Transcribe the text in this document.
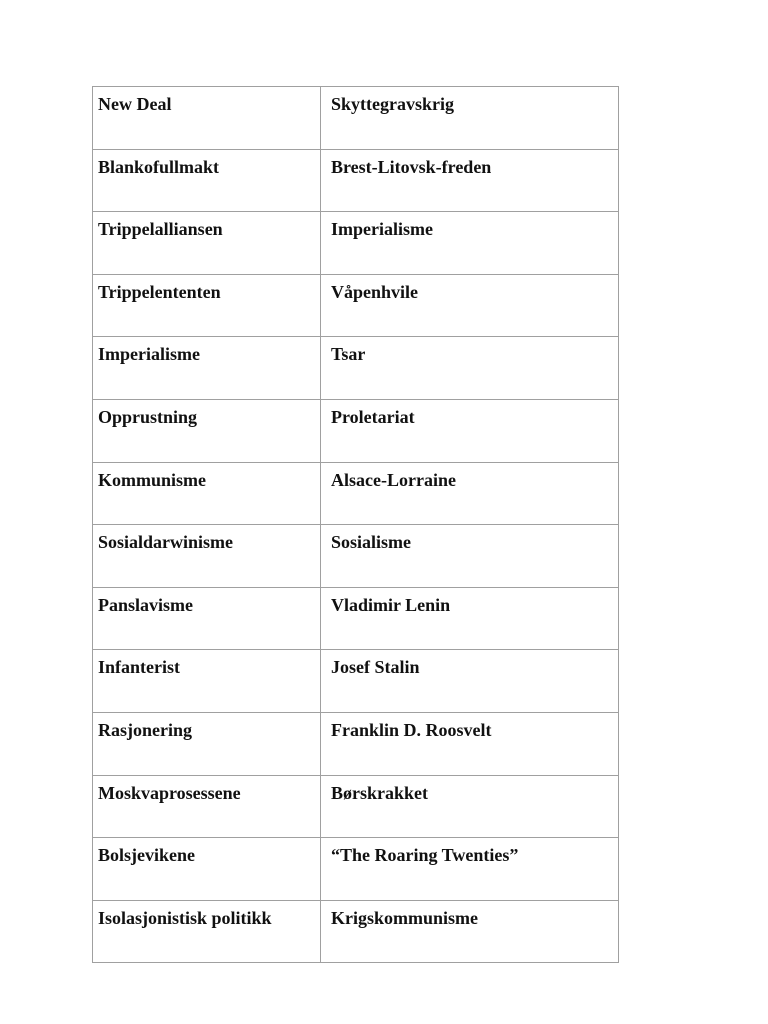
New Deal	Skyttegravskrig
Blankofullmakt	Brest-Litovsk-freden
Trippelalliansen	Imperialisme
Trippelententen	Våpenhvile
Imperialisme	Tsar
Opprustning	Proletariat
Kommunisme	Alsace-Lorraine
Sosialdarwinisme	Sosialisme
Panslavisme	Vladimir Lenin
Infanterist	Josef Stalin
Rasjonering	Franklin D. Roosvelt
Moskvaprosessene	Børskrakket
Bolsjevikene	“The Roaring Twenties”
Isolasjonistisk politikk	Krigskommunisme
